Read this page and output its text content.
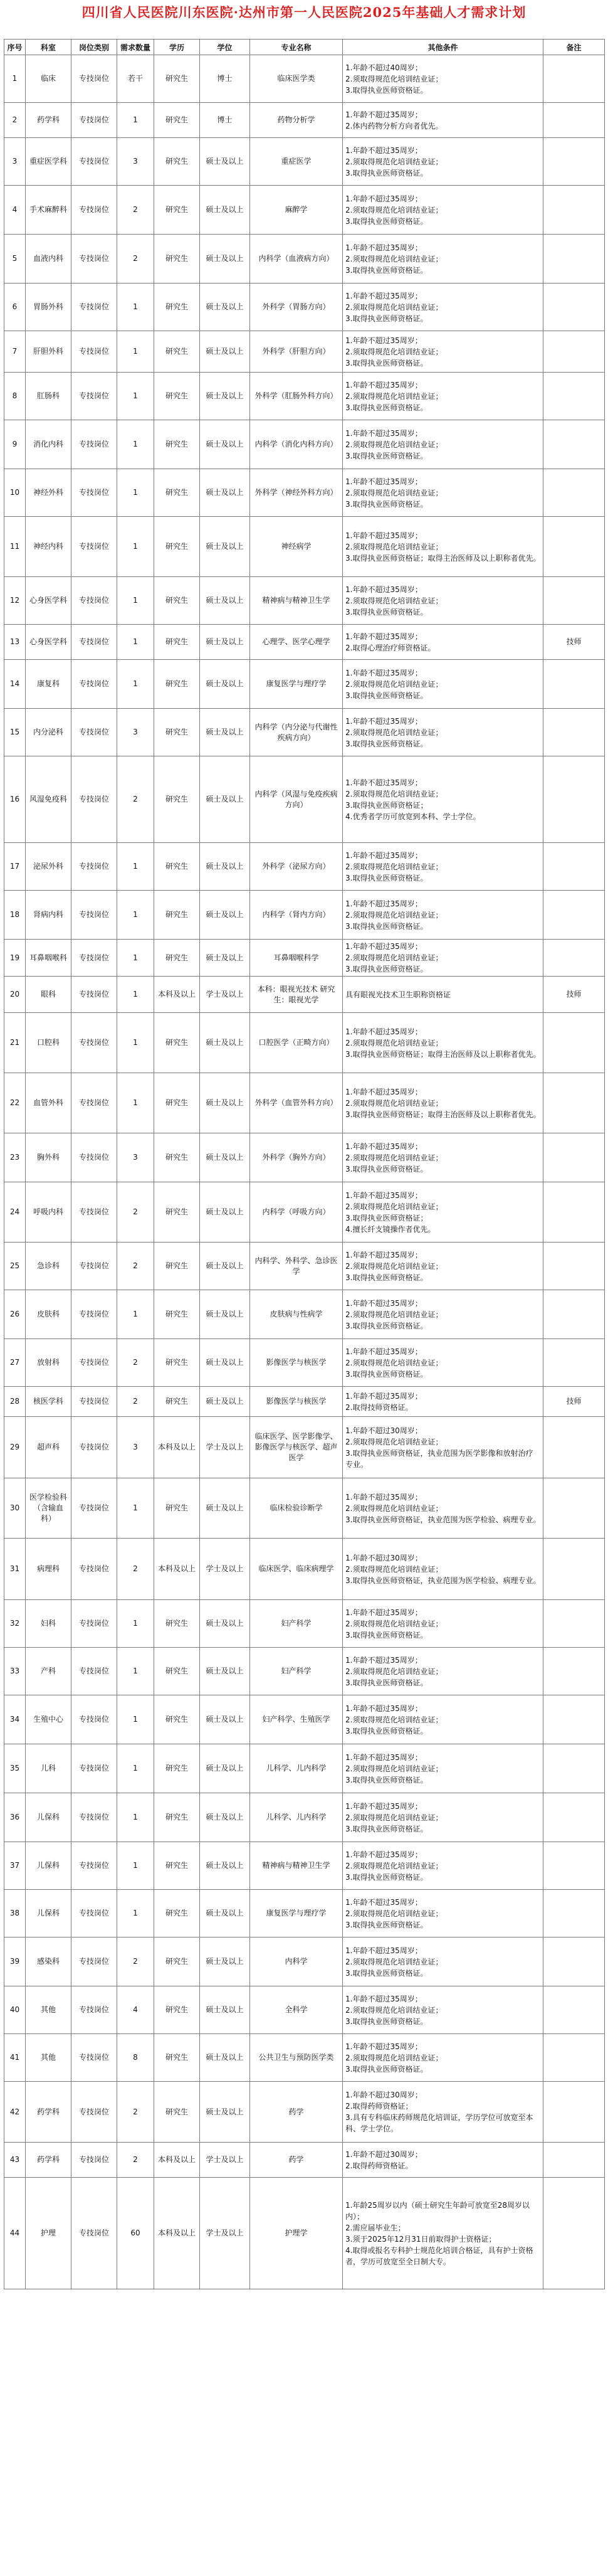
四川省人民医院川东医院·达州市第一人民医院2025年基础人才需求计划
序号	科室	岗位类别	需求数量	学历	学位	专业名称	其他条件	备注
1	临床	专技岗位	若干	研究生	博士	临床医学类	1.年龄不超过40周岁；
2.须取得规范化培训结业证；
3.取得执业医师资格证。	

2	药学科	专技岗位	1	研究生	博士	药物分析学	1.年龄不超过35周岁；
2.体内药物分析方向者优先。	

3	重症医学科	专技岗位	3	研究生	硕士及以上	重症医学	1.年龄不超过35周岁；
2.须取得规范化培训结业证；
3.取得执业医师资格证。	

4	手术麻醉科	专技岗位	2	研究生	硕士及以上	麻醉学	1.年龄不超过35周岁；
2.须取得规范化培训结业证；
3.取得执业医师资格证。	

5	血液内科	专技岗位	2	研究生	硕士及以上	内科学（血液病方向）	1.年龄不超过35周岁；
2.须取得规范化培训结业证；
3.取得执业医师资格证。	

6	胃肠外科	专技岗位	1	研究生	硕士及以上	外科学（胃肠方向）	1.年龄不超过35周岁；
2.须取得规范化培训结业证；
3.取得执业医师资格证。	

7	肝胆外科	专技岗位	1	研究生	硕士及以上	外科学（肝胆方向）	1.年龄不超过35周岁；
2.须取得规范化培训结业证；
3.取得执业医师资格证。	

8	肛肠科	专技岗位	1	研究生	硕士及以上	外科学（肛肠外科方向）	1.年龄不超过35周岁；
2.须取得规范化培训结业证；
3.取得执业医师资格证。	

9	消化内科	专技岗位	1	研究生	硕士及以上	内科学（消化内科方向）	1.年龄不超过35周岁；
2.须取得规范化培训结业证；
3.取得执业医师资格证。	

10	神经外科	专技岗位	1	研究生	硕士及以上	外科学（神经外科方向）	1.年龄不超过35周岁；
2.须取得规范化培训结业证；
3.取得执业医师资格证。	

11	神经内科	专技岗位	1	研究生	硕士及以上	神经病学	1.年龄不超过35周岁；
2.须取得规范化培训结业证；
3.取得执业医师资格证；取得主治医师及以上职称者优先。	

12	心身医学科	专技岗位	1	研究生	硕士及以上	精神病与精神卫生学	1.年龄不超过35周岁；
2.须取得规范化培训结业证；
3.取得执业医师资格证。	

13	心身医学科	专技岗位	1	研究生	硕士及以上	心理学、医学心理学	1.年龄不超过35周岁；
2.取得心理治疗师资格证。	技师
14	康复科	专技岗位	1	研究生	硕士及以上	康复医学与理疗学	1.年龄不超过35周岁；
2.须取得规范化培训结业证；
3.取得执业医师资格证。	

15	内分泌科	专技岗位	3	研究生	硕士及以上	内科学（内分泌与代谢性疾病方向）	1.年龄不超过35周岁；
2.须取得规范化培训结业证；
3.取得执业医师资格证。	

16	风湿免疫科	专技岗位	2	研究生	硕士及以上	内科学（风湿与免疫疾病方向）	1.年龄不超过35周岁；
2.须取得规范化培训结业证；
3.取得执业医师资格证；
4.优秀者学历可放宽到本科、学士学位。	

17	泌尿外科	专技岗位	1	研究生	硕士及以上	外科学（泌尿方向）	1.年龄不超过35周岁；
2.须取得规范化培训结业证；
3.取得执业医师资格证。	

18	肾病内科	专技岗位	1	研究生	硕士及以上	内科学（肾内方向）	1.年龄不超过35周岁；
2.须取得规范化培训结业证；
3.取得执业医师资格证。	

19	耳鼻咽喉科	专技岗位	1	研究生	硕士及以上	耳鼻咽喉科学	1.年龄不超过35周岁；
2.须取得规范化培训结业证；
3.取得执业医师资格证。	

20	眼科	专技岗位	1	本科及以上	学士及以上	本科：眼视光技术 研究生：眼视光学	具有眼视光技术卫生职称资格证	技师
21	口腔科	专技岗位	1	研究生	硕士及以上	口腔医学（正畸方向）	1.年龄不超过35周岁；
2.须取得规范化培训结业证；
3.取得执业医师资格证；取得主治医师及以上职称者优先。	

22	血管外科	专技岗位	1	研究生	硕士及以上	外科学（血管外科方向）	1.年龄不超过35周岁；
2.须取得规范化培训结业证；
3.取得执业医师资格证；取得主治医师及以上职称者优先。	

23	胸外科	专技岗位	3	研究生	硕士及以上	外科学（胸外方向）	1.年龄不超过35周岁；
2.须取得规范化培训结业证；
3.取得执业医师资格证。	

24	呼吸内科	专技岗位	2	研究生	硕士及以上	内科学（呼吸方向）	1.年龄不超过35周岁；
2.须取得规范化培训结业证；
3.取得执业医师资格证；
4.擅长纤支镜操作者优先。	

25	急诊科	专技岗位	2	研究生	硕士及以上	内科学、外科学、急诊医学	1.年龄不超过35周岁；
2.须取得规范化培训结业证；
3.取得执业医师资格证。	

26	皮肤科	专技岗位	1	研究生	硕士及以上	皮肤病与性病学	1.年龄不超过35周岁；
2.须取得规范化培训结业证；
3.取得执业医师资格证。	

27	放射科	专技岗位	2	研究生	硕士及以上	影像医学与核医学	1.年龄不超过35周岁；
2.须取得规范化培训结业证；
3.取得执业医师资格证。	

28	核医学科	专技岗位	2	研究生	硕士及以上	影像医学与核医学	1.年龄不超过35周岁；
2.取得技师资格证。	技师
29	超声科	专技岗位	3	本科及以上	学士及以上	临床医学、医学影像学、影像医学与核医学、超声医学	1.年龄不超过30周岁；
2.须取得规范化培训结业证；
3.取得执业医师资格证，执业范围为医学影像和放射治疗专业。	

30	医学检验科（含输血科）	专技岗位	1	研究生	硕士及以上	临床检验诊断学	1.年龄不超过35周岁；
2.须取得规范化培训结业证；
3.取得执业医师资格证，执业范围为医学检验、病理专业。	

31	病理科	专技岗位	2	本科及以上	学士及以上	临床医学、临床病理学	1.年龄不超过30周岁；
2.须取得规范化培训结业证；
3.取得执业医师资格证，执业范围为医学检验、病理专业。	

32	妇科	专技岗位	1	研究生	硕士及以上	妇产科学	1.年龄不超过35周岁；
2.须取得规范化培训结业证；
3.取得执业医师资格证。	

33	产科	专技岗位	1	研究生	硕士及以上	妇产科学	1.年龄不超过35周岁；
2.须取得规范化培训结业证；
3.取得执业医师资格证。	

34	生殖中心	专技岗位	1	研究生	硕士及以上	妇产科学、生殖医学	1.年龄不超过35周岁；
2.须取得规范化培训结业证；
3.取得执业医师资格证。	

35	儿科	专技岗位	1	研究生	硕士及以上	儿科学、儿内科学	1.年龄不超过35周岁；
2.须取得规范化培训结业证；
3.取得执业医师资格证。	

36	儿保科	专技岗位	1	研究生	硕士及以上	儿科学、儿内科学	1.年龄不超过35周岁；
2.须取得规范化培训结业证；
3.取得执业医师资格证。	

37	儿保科	专技岗位	1	研究生	硕士及以上	精神病与精神卫生学	1.年龄不超过35周岁；
2.须取得规范化培训结业证；
3.取得执业医师资格证。	

38	儿保科	专技岗位	1	研究生	硕士及以上	康复医学与理疗学	1.年龄不超过35周岁；
2.须取得规范化培训结业证；
3.取得执业医师资格证。	

39	感染科	专技岗位	2	研究生	硕士及以上	内科学	1.年龄不超过35周岁；
2.须取得规范化培训结业证；
3.取得执业医师资格证。	

40	其他	专技岗位	4	研究生	硕士及以上	全科学	1.年龄不超过35周岁；
2.须取得规范化培训结业证；
3.取得执业医师资格证。	

41	其他	专技岗位	8	研究生	硕士及以上	公共卫生与预防医学类	1.年龄不超过35周岁；
2.须取得规范化培训结业证；
3.取得执业医师资格证。	

42	药学科	专技岗位	2	研究生	硕士及以上	药学	1.年龄不超过30周岁；
2.取得药师资格证；
3.具有专科临床药师规范化培训证，学历学位可放宽至本科、学士学位。	

43	药学科	专技岗位	2	本科及以上	学士及以上	药学	1.年龄不超过30周岁；
2.取得药师资格证。	

44	护理	专技岗位	60	本科及以上	学士及以上	护理学	1.年龄25周岁以内（硕士研究生年龄可放宽至28周岁以内）；
2.需应届毕业生；
3.须于2025年12月31日前取得护士资格证；
4.取得或报名专科护士规范化培训合格证，具有护士资格者，学历可放宽至全日制大专。	
